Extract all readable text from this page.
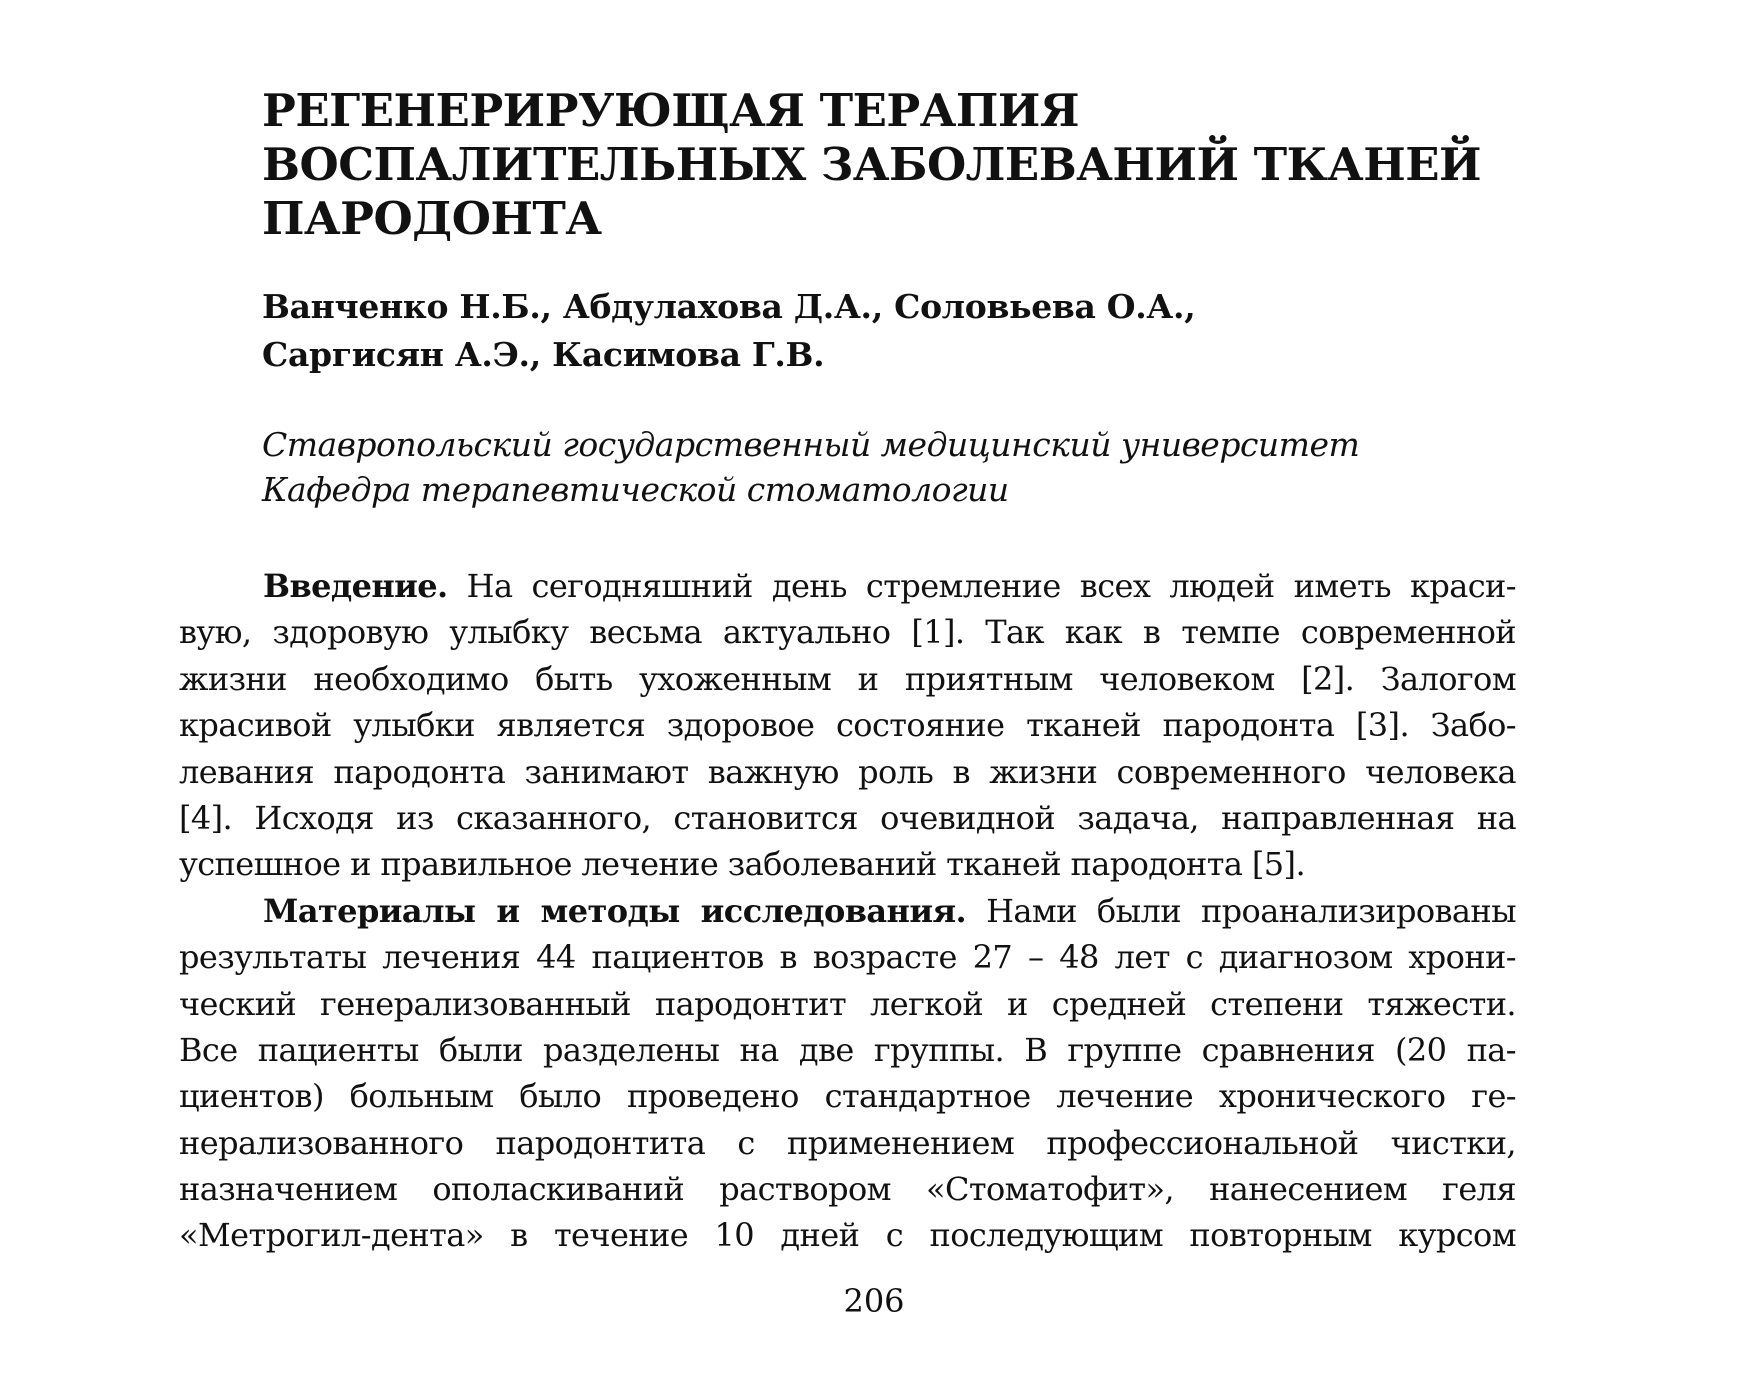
РЕГЕНЕРИРУЮЩАЯ ТЕРАПИЯ
ВОСПАЛИТЕЛЬНЫХ ЗАБОЛЕВАНИЙ ТКАНЕЙ
ПАРОДОНТА
Ванченко Н.Б., Абдулахова Д.А., Соловьева О.А.,
Саргисян А.Э., Касимова Г.В.
Ставропольский государственный медицинский университет
Кафедра терапевтической стоматологии
Введение. На сегодняшний день стремление всех людей иметь краси-
вую, здоровую улыбку весьма актуально [1]. Так как в темпе современной
жизни необходимо быть ухоженным и приятным человеком [2]. Залогом
красивой улыбки является здоровое состояние тканей пародонта [3]. Забо-
левания пародонта занимают важную роль в жизни современного человека
[4]. Исходя из сказанного, становится очевидной задача, направленная на
успешное и правильное лечение заболеваний тканей пародонта [5].
Материалы и методы исследования. Нами были проанализированы
результаты лечения 44 пациентов в возрасте 27 – 48 лет с диагнозом хрони-
ческий генерализованный пародонтит легкой и средней степени тяжести.
Все пациенты были разделены на две группы. В группе сравнения (20 па-
циентов) больным было проведено стандартное лечение хронического ге-
нерализованного пародонтита с применением профессиональной чистки,
назначением ополаскиваний раствором «Стоматофит», нанесением геля
«Метрогил-дента» в течение 10 дней с последующим повторным курсом
206
